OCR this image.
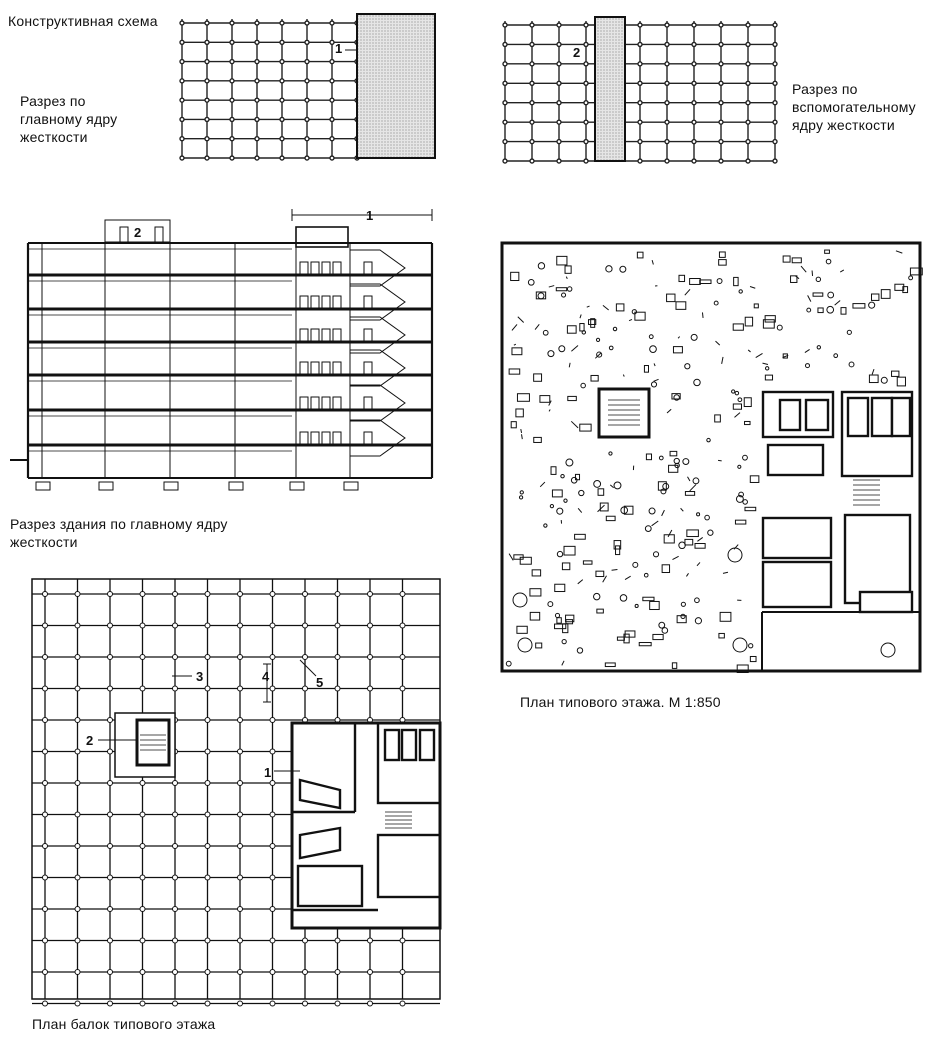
Конструктивная схема
Разрез по главному ядру жесткости
Разрез по вспомогательному ядру жесткости
Разрез здания по главному ядру жесткости
План типового этажа. М 1:850
План балок типового этажа
1	2
1
2
3	4	5
2
1
